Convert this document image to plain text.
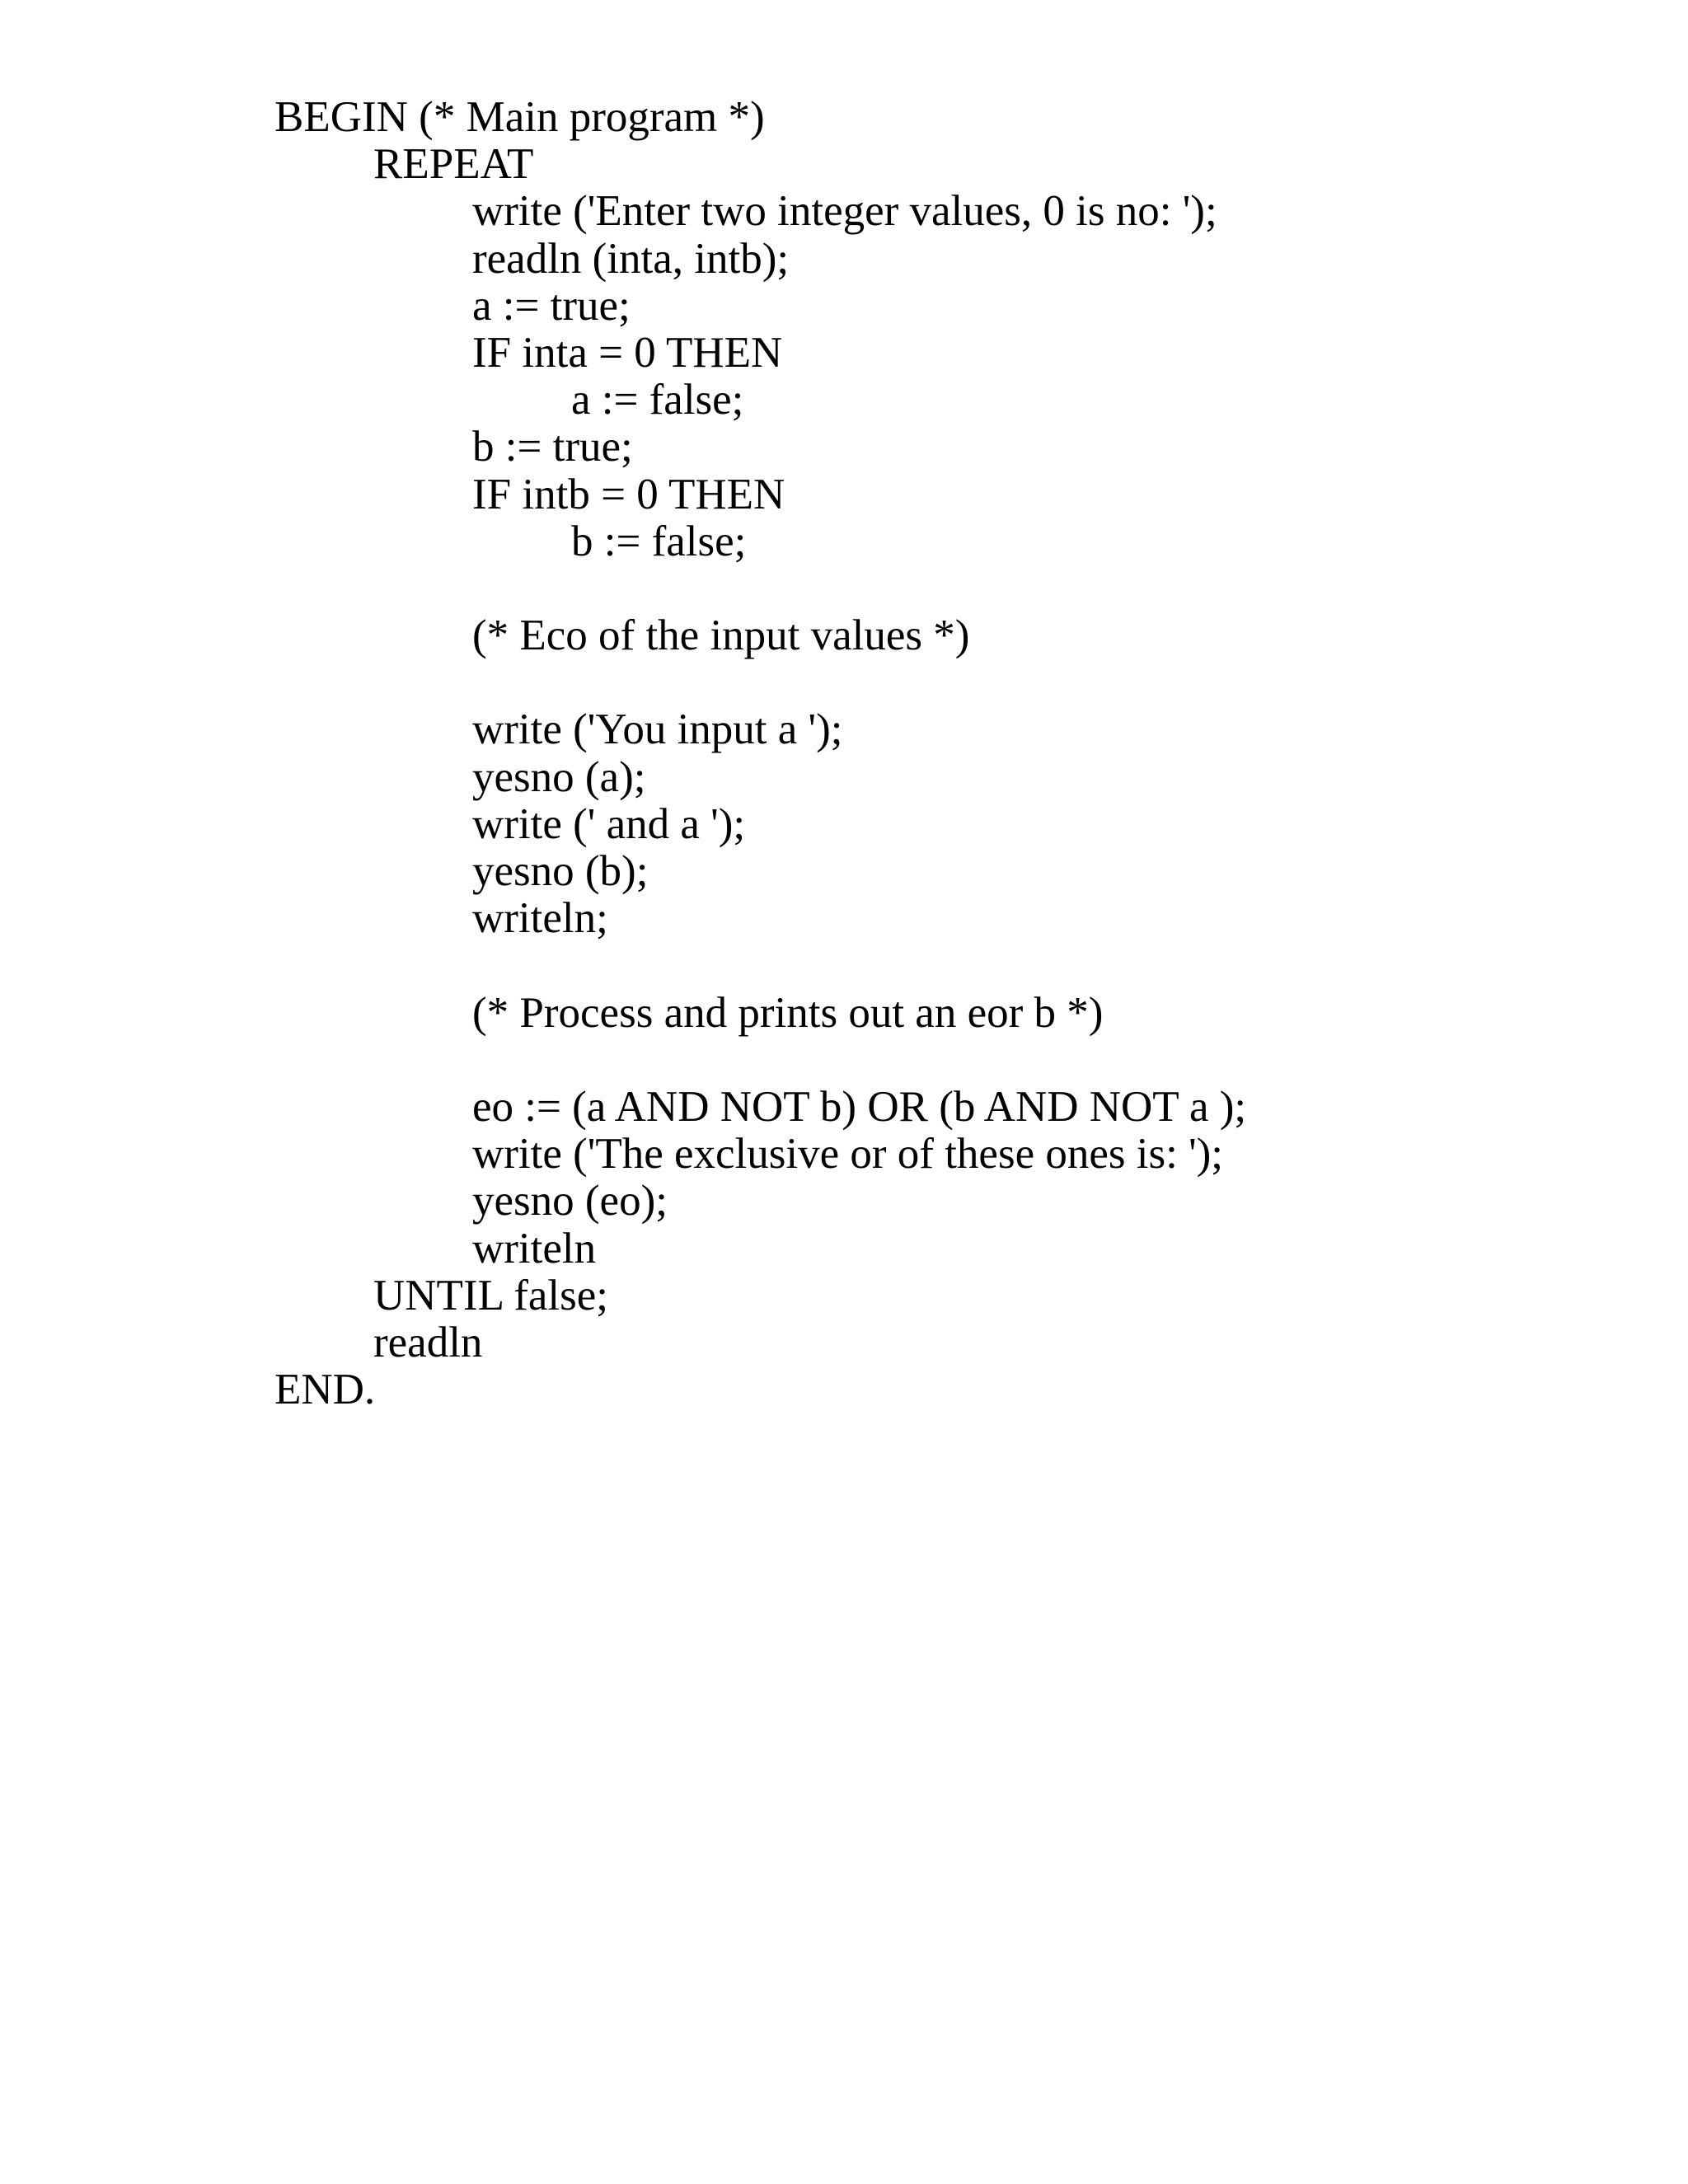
BEGIN (* Main program *)
REPEAT
write ('Enter two integer values, 0 is no: ');
readln (inta, intb);
a := true;
IF inta = 0 THEN
a := false;
b := true;
IF intb = 0 THEN
b := false;
(* Eco of the input values *)
write ('You input a ');
yesno (a);
write (' and a ');
yesno (b);
writeln;
(* Process and prints out an eor b *)
eo := (a AND NOT b) OR (b AND NOT a );
write ('The exclusive or of these ones is: ');
yesno (eo);
writeln
UNTIL false;
readln
END.
